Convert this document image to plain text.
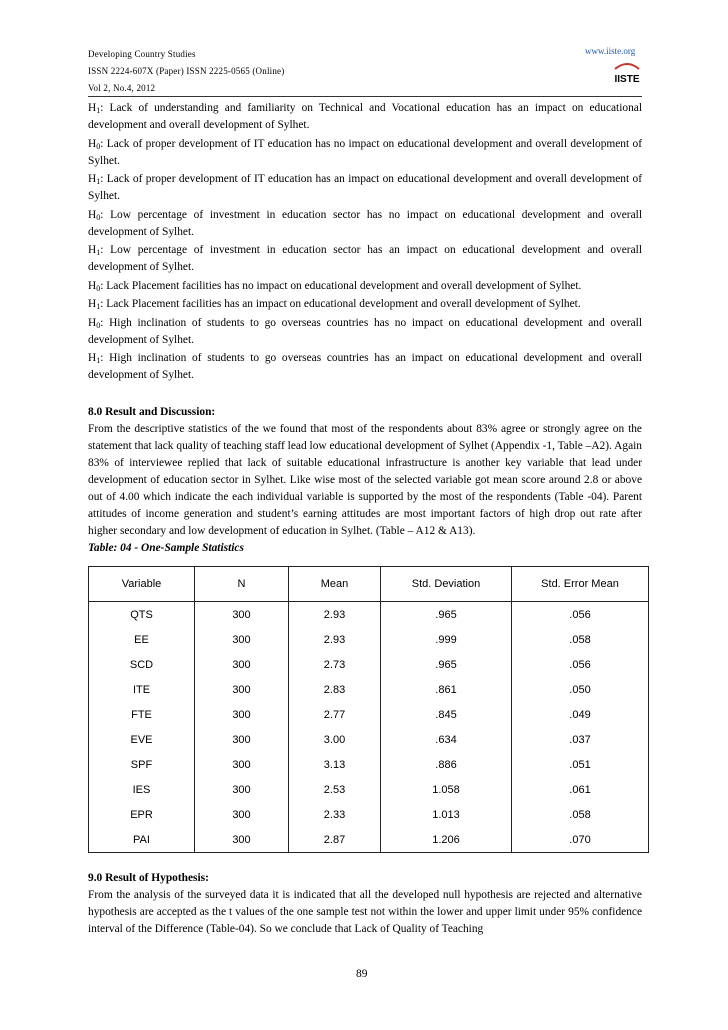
Developing Country Studies
ISSN 2224-607X (Paper) ISSN 2225-0565 (Online)
Vol 2, No.4, 2012
www.iiste.org
IISTE

$H_1$: Lack of understanding and familiarity on Technical and Vocational education has an impact on educational development and overall development of Sylhet.

$H_0$: Lack of proper development of IT education has no impact on educational development and overall development of Sylhet.

$H_1$: Lack of proper development of IT education has an impact on educational development and overall development of Sylhet.

$H_0$: Low percentage of investment in education sector has no impact on educational development and overall development of Sylhet.

$H_1$: Low percentage of investment in education sector has an impact on educational development and overall development of Sylhet.

$H_0$: Lack Placement facilities has no impact on educational development and overall development of Sylhet.

$H_1$: Lack Placement facilities has an impact on educational development and overall development of Sylhet.

$H_0$: High inclination of students to go overseas countries has no impact on educational development and overall development of Sylhet.

$H_1$: High inclination of students to go overseas countries has an impact on educational development and overall development of Sylhet.

8.0 Result and Discussion:

From the descriptive statistics of the we found that most of the respondents about 83% agree or strongly agree on the statement that lack quality of teaching staff lead low educational development of Sylhet (Appendix -1, Table –A2). Again 83% of interviewee replied that lack of suitable educational infrastructure is another key variable that lead under development of education sector in Sylhet. Like wise most of the selected variable got mean score around 2.8 or above out of 4.00 which indicate the each individual variable is supported by the most of the respondents (Table -04). Parent attitudes of income generation and student’s earning attitudes are most important factors of high drop out rate after higher secondary and low development of education in Sylhet. (Table – A12 & A13).

Table: 04 - One-Sample Statistics

Variable	N	Mean	Std. Deviation	Std. Error Mean
QTS	300	2.93	.965	.056
EE	300	2.93	.999	.058
SCD	300	2.73	.965	.056
ITE	300	2.83	.861	.050
FTE	300	2.77	.845	.049
EVE	300	3.00	.634	.037
SPF	300	3.13	.886	.051
IES	300	2.53	1.058	.061
EPR	300	2.33	1.013	.058
PAI	300	2.87	1.206	.070

9.0 Result of Hypothesis:

From the analysis of the surveyed data it is indicated that all the developed null hypothesis are rejected and alternative hypothesis are accepted as the t values of the one sample test not within the lower and upper limit under 95% confidence interval of the Difference (Table-04). So we conclude that Lack of Quality of Teaching

89
